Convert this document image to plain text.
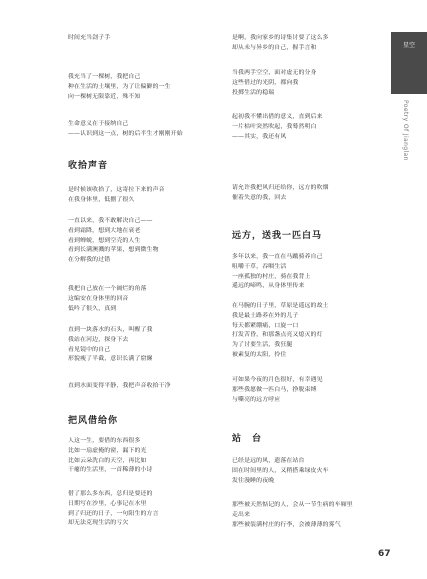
时间充当刽子手
我充当了一棵树，我把自己
种在生活的土壤里，为了让偏僻的一生
向一棵树无限靠近，殊不知
生命意义在于接纳自己
——认识到这一点，树的后半生才刚刚开始
收拾声音
是时候该收拾了，这寄拉下来的声音
在我身体里，低捌了很久
一直以来，我不敢解决自己——
看到霜降，想到大地在衰老
看到蝉蜕，想到空壳的人生
看到长满澳溅的苹果，想到微生物
在分解我的过错
我把自己放在一个阔烂的角落
这编安在身体里的回音
低吟了很久，真到
直到一块落水的石头，叫醒了我
我站在河边，探身下去
看见镜中的自己
形貌瘦了半截，意识长满了窟窿
直到水面变得平静，我把声音收拾干净
把风借给你
人这一生，要借的东西很多
比如一扇虚掩的窗，漏下的光
比如云朵洗白的天空，再比如
干瘪的生活里，一首稀薄的小诗
借了那么多东西，总归是要还的
日期写在沙里，心事记在水里
到了归还的日子，一句阳生的方言
却无法克现生活的亏欠
是啊，我向家乡的诗集讨要了这么多
却从未与异乡的自己，握手言和
当我两手空空，面对虚无的分身
这些借过的光阴，都向我
投掷生活的稳瑞
起初我不懂出借的意义，直到后来
一片枯叶突然吹起，我蓦然明白
——其实，我还有风
请允许我把风归还给你，远方的吹烟
催着失意的我，回去
远方，送我一匹白马
多年以来，我一直在马蹴骑养自己
咀嚼干草，吞咽生活
一座孤独的村庄，骑在我背上
遥远的啼鸣，从身体里传来
在马腕的日子里，草原是遥远的故土
我是最土路养在外的儿子
每天都紧绷痛，口旋一口
打发苦昏，和那盏点亮又熄灭的灯
为了讨要生活，我狂腿
被素复的太阳，拎住
可如果今夜的月色很好，有幸遇见
那些我愿做一匹白马，挣脱束缚
与嘶亮的远方呼应
站　台
已经是远的风，遗落在站台
固在时间里的人，又稍搭乘绿皮火车
发往漫睡的夜晚
那些被天然惦记的人，会从一节生病的车厢里
走出来
那些被装满村庄的行李，会被薄薄的雾气
星空
Poetry Of Jianglan
67
